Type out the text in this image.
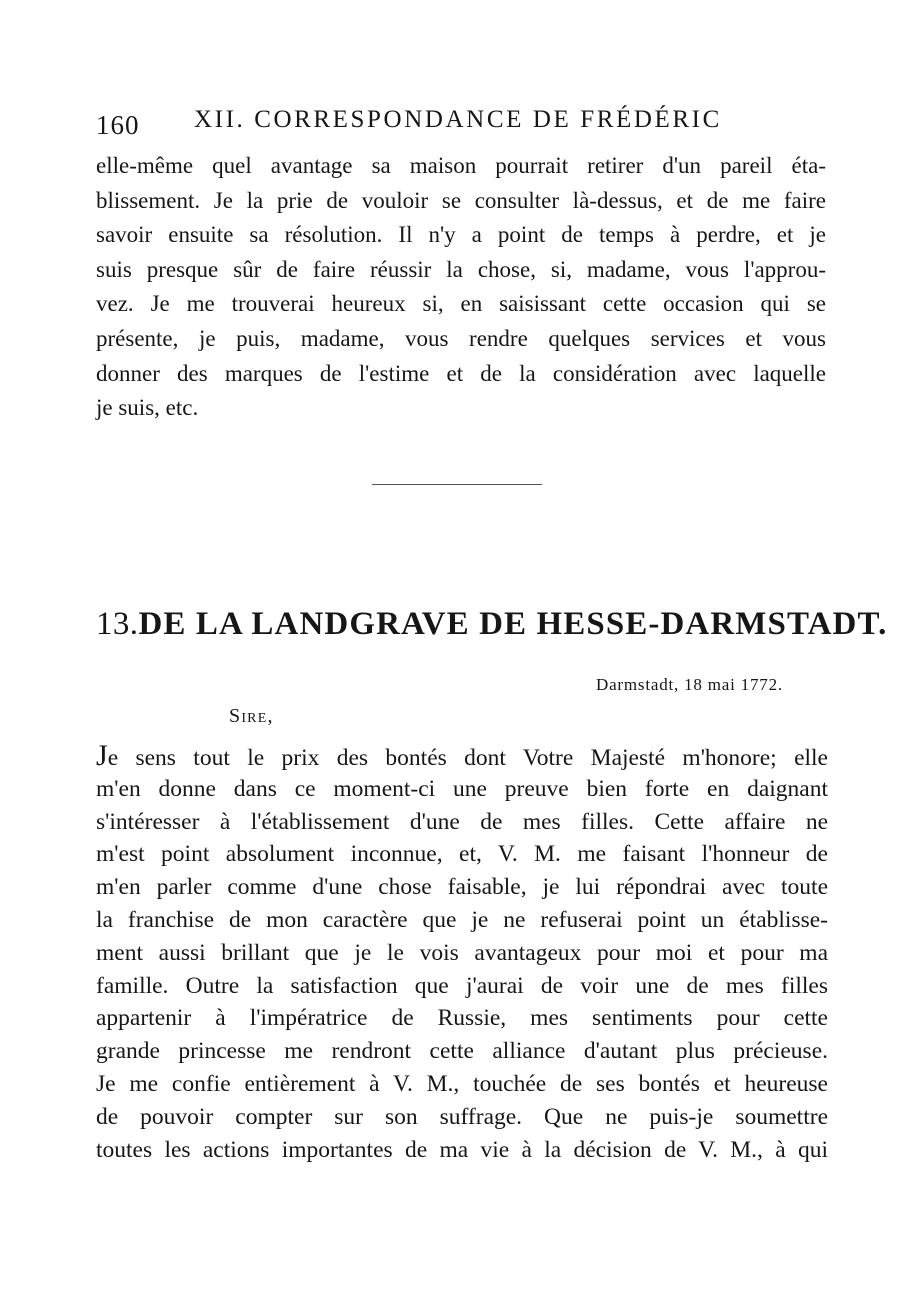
160 XII. CORRESPONDANCE DE FRÉDÉRIC
elle-même quel avantage sa maison pourrait retirer d'un pareil éta-
blissement. Je la prie de vouloir se consulter là-dessus, et de me faire
savoir ensuite sa résolution. Il n'y a point de temps à perdre, et je
suis presque sûr de faire réussir la chose, si, madame, vous l'approu-
vez. Je me trouverai heureux si, en saisissant cette occasion qui se
présente, je puis, madame, vous rendre quelques services et vous
donner des marques de l'estime et de la considération avec laquelle
je suis, etc.
13. DE LA LANDGRAVE DE HESSE-DARMSTADT.
Darmstadt, 18 mai 1772.
Sire,
Je sens tout le prix des bontés dont Votre Majesté m'honore; elle
m'en donne dans ce moment-ci une preuve bien forte en daignant
s'intéresser à l'établissement d'une de mes filles. Cette affaire ne
m'est point absolument inconnue, et, V. M. me faisant l'honneur de
m'en parler comme d'une chose faisable, je lui répondrai avec toute
la franchise de mon caractère que je ne refuserai point un établisse-
ment aussi brillant que je le vois avantageux pour moi et pour ma
famille. Outre la satisfaction que j'aurai de voir une de mes filles
appartenir à l'impératrice de Russie, mes sentiments pour cette
grande princesse me rendront cette alliance d'autant plus précieuse.
Je me confie entièrement à V. M., touchée de ses bontés et heureuse
de pouvoir compter sur son suffrage. Que ne puis-je soumettre
toutes les actions importantes de ma vie à la décision de V. M., à qui
